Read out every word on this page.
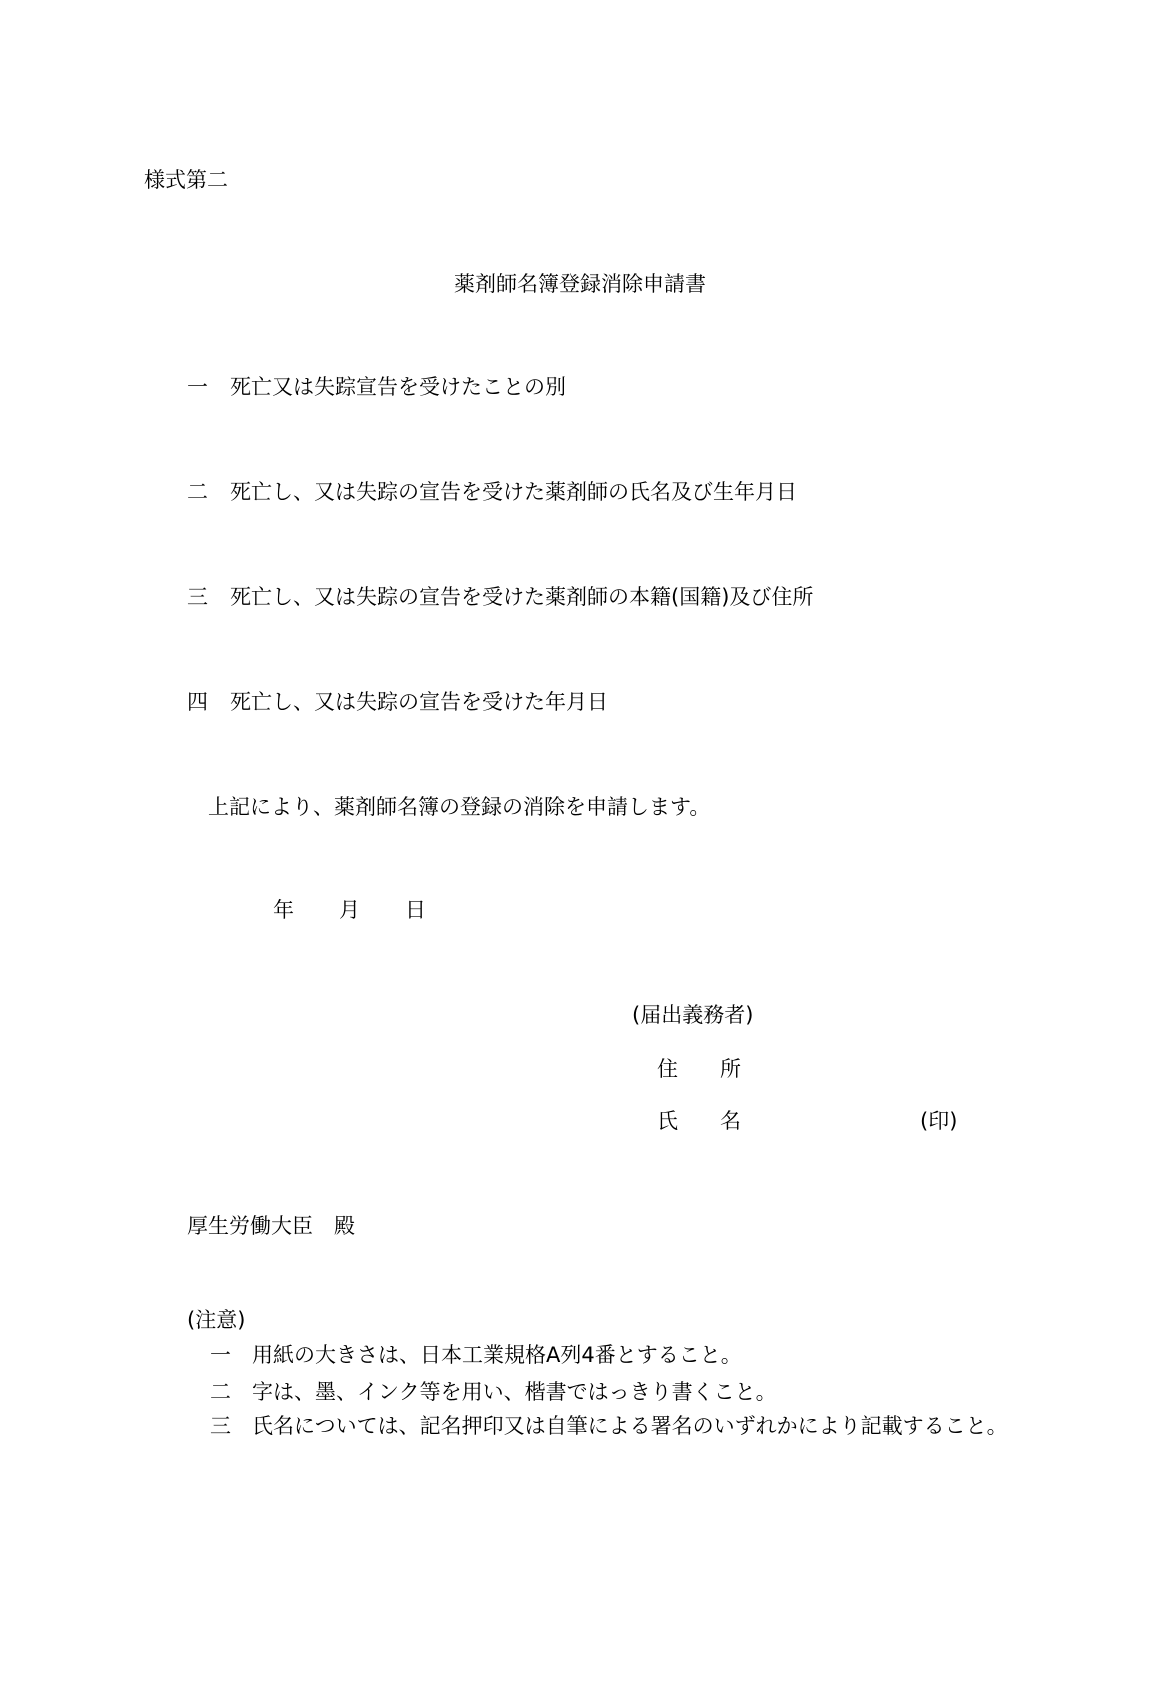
様式第二
薬剤師名簿登録消除申請書
一 死亡又は失踪宣告を受けたことの別
二 死亡し、又は失踪の宣告を受けた薬剤師の氏名及び生年月日
三 死亡し、又は失踪の宣告を受けた薬剤師の本籍(国籍)及び住所
四 死亡し、又は失踪の宣告を受けた年月日
上記により、薬剤師名簿の登録の消除を申請します。
年 月 日
(届出義務者)
住　　所
氏　　名	(印)
厚生労働大臣　殿
(注意)
一 用紙の大きさは、日本工業規格A列4番とすること。
二 字は、墨、インク等を用い、楷書ではっきり書くこと。
三 氏名については、記名押印又は自筆による署名のいずれかにより記載すること。
